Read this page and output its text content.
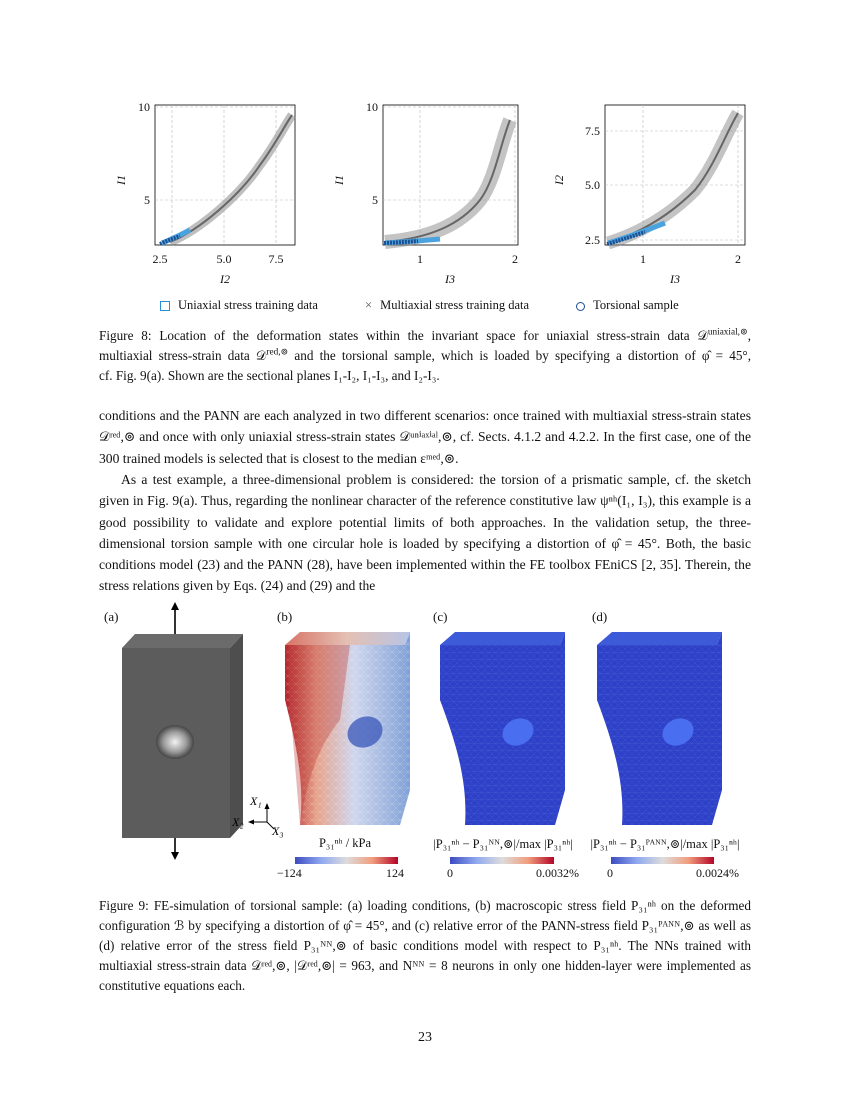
2.5	5.0	7.5
5
10
I2
I1
1	2
5
10
I3
I1
1	2
2.5
5.0
7.5
I3
I2
Uniaxial stress training data	× Multiaxial stress training data	Torsional sample
Figure 8: Location of the deformation states within the invariant space for uniaxial stress-strain data 𝒟$^{uniaxial,⊚}$,
multiaxial stress-strain data 𝒟$^{red,⊚}$ and the torsional sample, which is loaded by specifying a distortion of φ̂ = 45°,
cf. Fig. 9(a). Shown are the sectional planes I₁-I₂, I₁-I₃, and I₂-I₃.
conditions and the PANN are each analyzed in two different scenarios: once trained with multiaxial stress-strain states 𝒟ʳᵉᵈ,⊚ and once with only uniaxial stress-strain states 𝒟ᵘⁿⁱᵃˣⁱᵃˡ,⊚, cf. Sects. 4.1.2 and 4.2.2. In the first case, one of the 300 trained models is selected that is closest to the median εᵐᵉᵈ,⊚.
As a test example, a three-dimensional problem is considered: the torsion of a prismatic sample, cf. the sketch given in Fig. 9(a). Thus, regarding the nonlinear character of the reference constitutive law ψⁿʰ(I₁, I₃), this example is a good possibility to validate and explore potential limits of both approaches. In the validation setup, the three-dimensional torsion sample with one circular hole is loaded by specifying a distortion of φ̂ = 45°. Both, the basic conditions model (23) and the PANN (28), have been implemented within the FE toolbox FEniCS [2, 35]. Therein, the stress relations given by Eqs. (24) and (29) and the
(a)	(b)	(c)	(d)
X₁
X₂
X₃
P₃₁ⁿʰ / kPa	|P₃₁ⁿʰ − P₃₁ᴺᴺ,⊚|/max |P₃₁ⁿʰ| |P₃₁ⁿʰ − P₃₁ᴾᴬᴺᴺ,⊚|/max |P₃₁ⁿʰ|
−124	124	0	0.0032% 0	0.0024%
Figure 9: FE-simulation of torsional sample: (a) loading conditions, (b) macroscopic stress field P₃₁ⁿʰ on the deformed configuration ℬ by specifying a distortion of φ̂ = 45°, and (c) relative error of the PANN-stress field P₃₁ᴾᴬᴺᴺ,⊚ as well as (d) relative error of the stress field P₃₁ᴺᴺ,⊚ of basic conditions model with respect to P₃₁ⁿʰ. The NNs trained with multiaxial stress-strain data 𝒟ʳᵉᵈ,⊚, |𝒟ʳᵉᵈ,⊚| = 963, and Nᴺᴺ = 8 neurons in only one hidden-layer were implemented as constitutive equations each.
23
